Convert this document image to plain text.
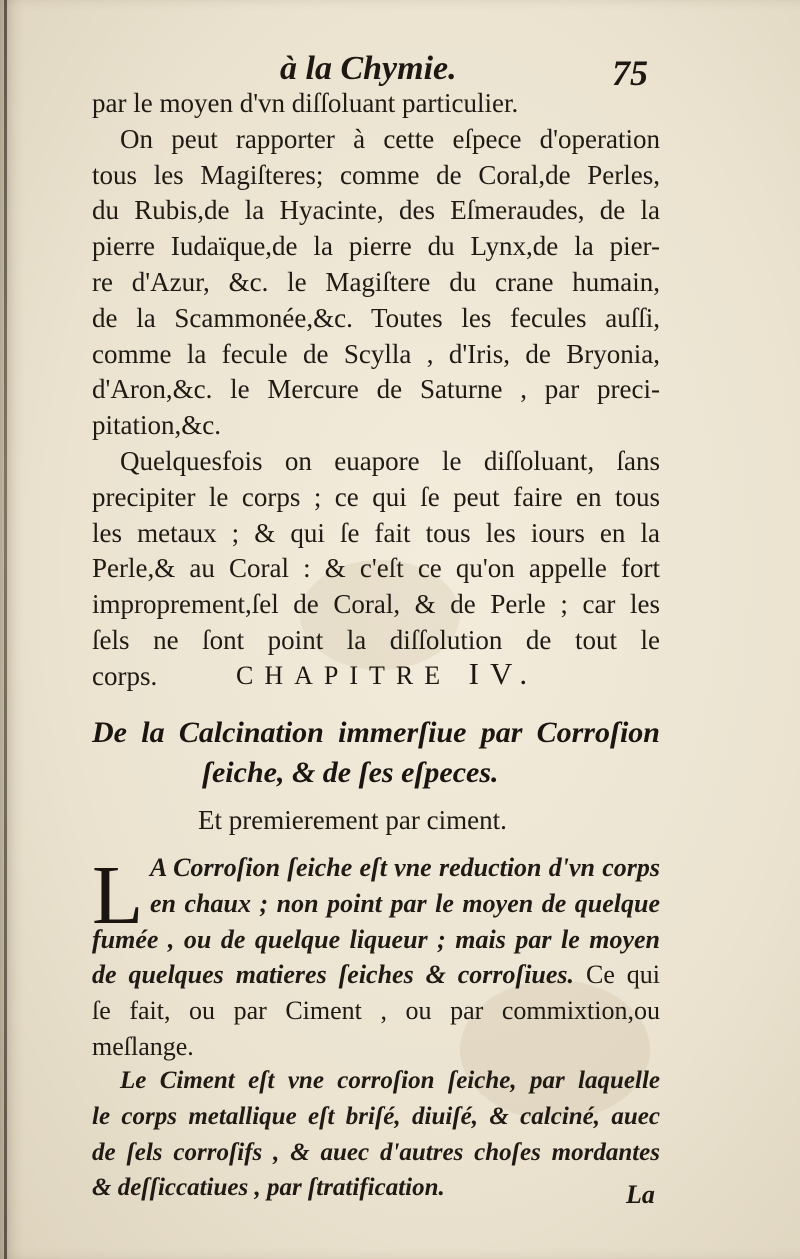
à la Chymie.	75
par le moyen d'vn diſſoluant particulier.
On peut rapporter à cette eſpece d'operation
tous les Magiſteres; comme de Coral,de Perles,
du Rubis,de la Hyacinte, des Eſmeraudes, de la
pierre Iudaïque,de la pierre du Lynx,de la pier-
re d'Azur, &c. le Magiſtere du crane humain,
de la Scammonée,&c. Toutes les fecules auſſi,
comme la fecule de Scylla , d'Iris, de Bryonia,
d'Aron,&c. le Mercure de Saturne , par preci-
pitation,&c.
Quelquesfois on euapore le diſſoluant, ſans
precipiter le corps ; ce qui ſe peut faire en tous
les metaux ; & qui ſe fait tous les iours en la
Perle,& au Coral : & c'eſt ce qu'on appelle fort
improprement,ſel de Coral, & de Perle ; car les
ſels ne ſont point la diſſolution de tout le
corps.	CHAPITRE IV.
De la Calcination immerſiue par Corroſion
ſeiche, & de ſes eſpeces.
Et premierement par ciment.
L A Corroſion ſeiche eſt vne reduction d'vn corps
en chaux ; non point par le moyen de quelque
fumée , ou de quelque liqueur ; mais par le moyen
de quelques matieres ſeiches & corroſiues. Ce qui
ſe fait, ou par Ciment , ou par commixtion,ou
meſlange.
Le Ciment eſt vne corroſion ſeiche, par laquelle
le corps metallique eſt briſé, diuiſé, & calciné, auec
de ſels corroſifs , & auec d'autres choſes mordantes
& deſſiccatiues , par ſtratification.	La
